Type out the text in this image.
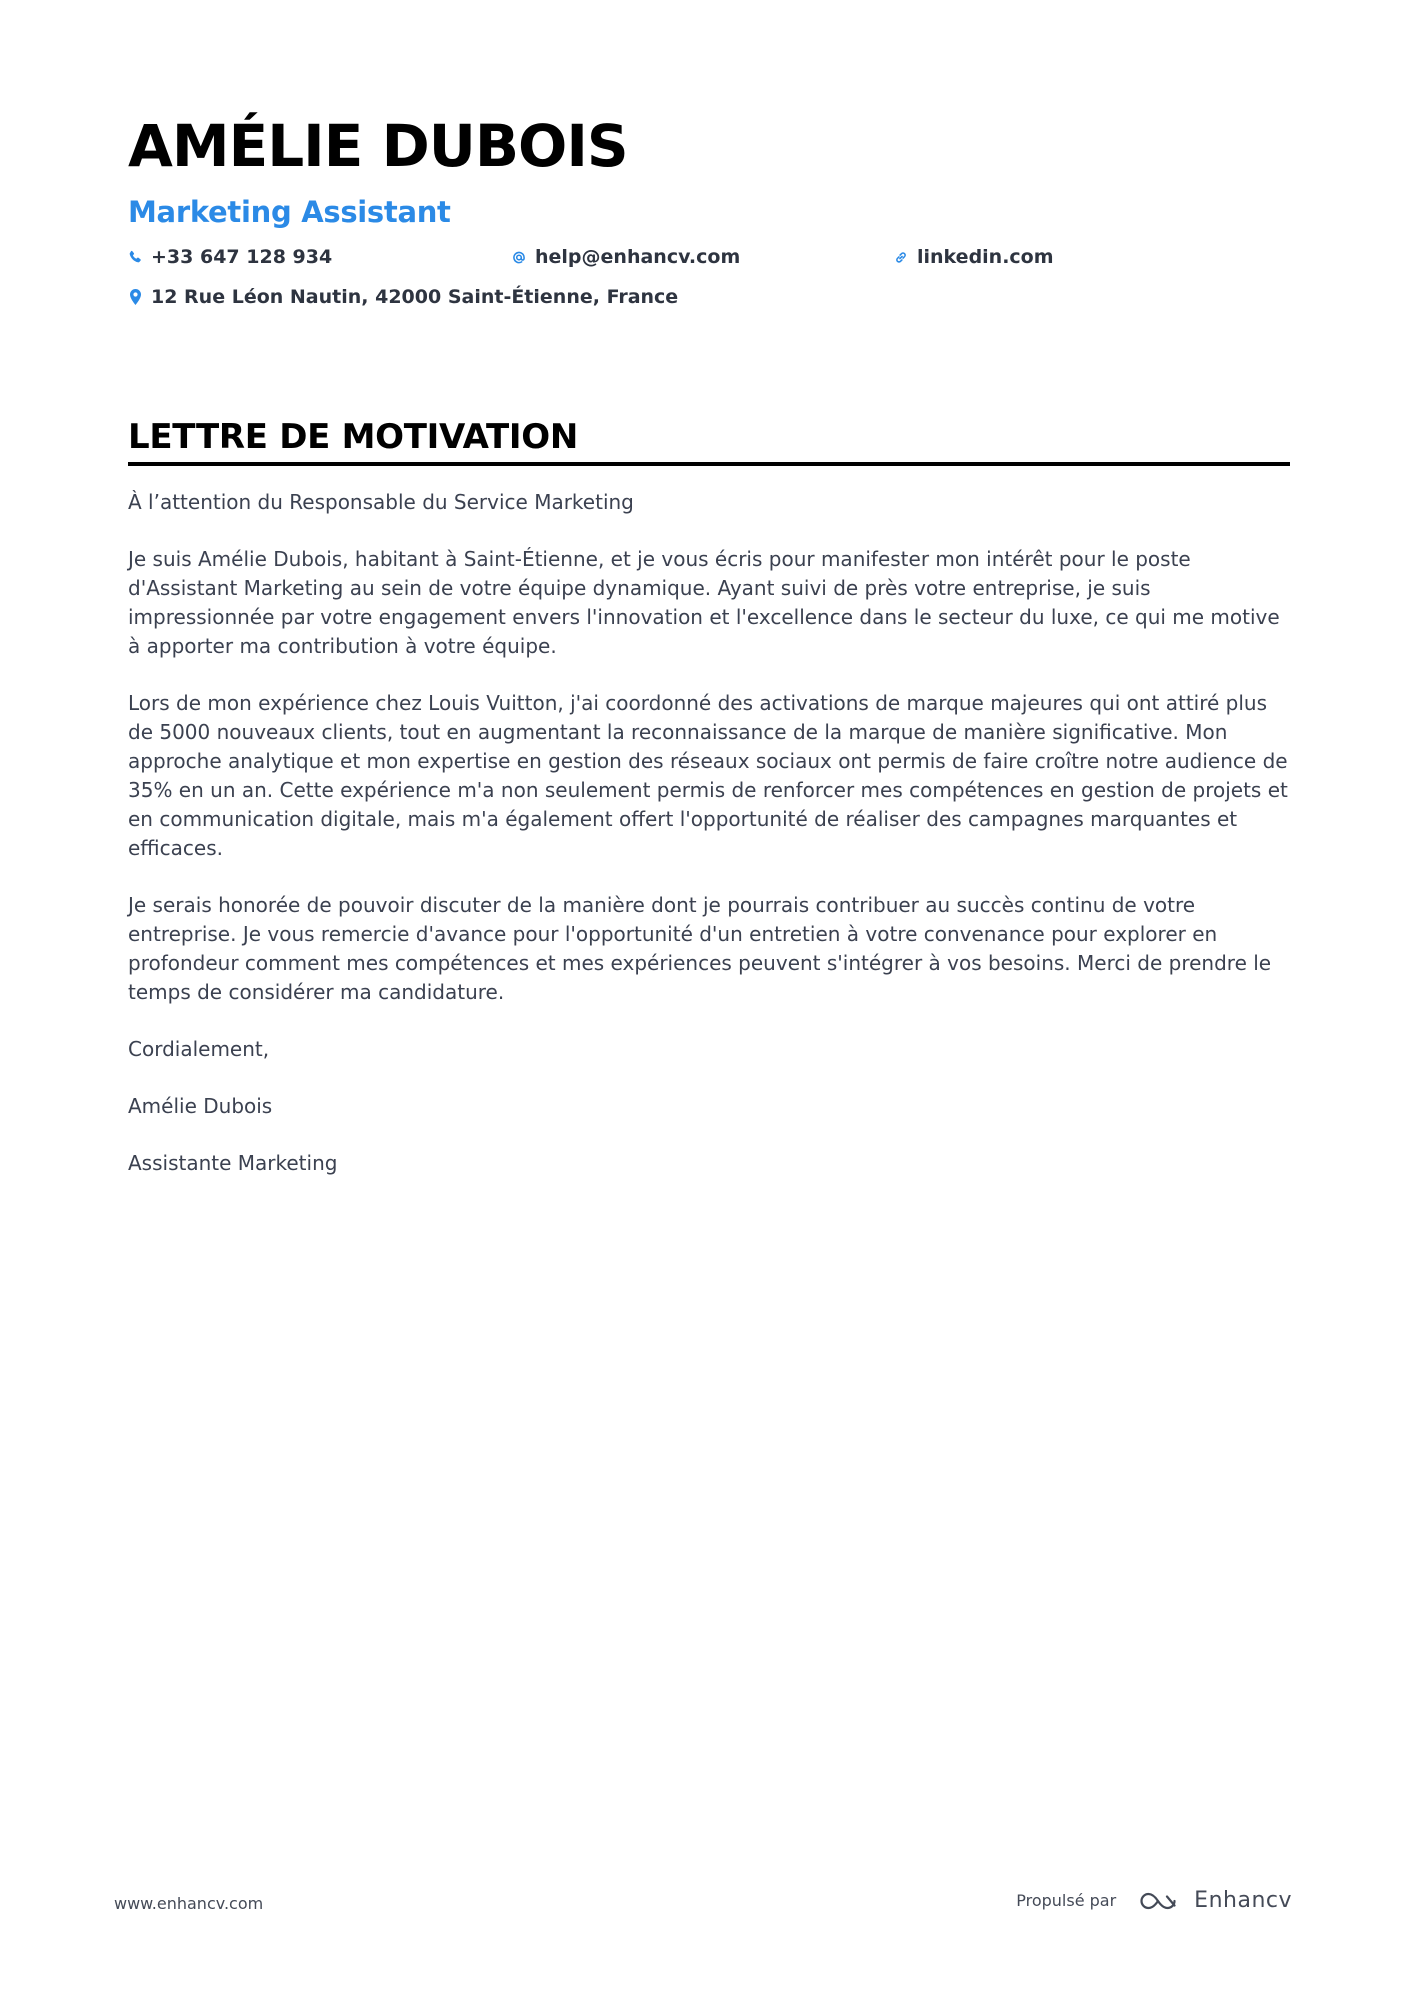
AMÉLIE DUBOIS
Marketing Assistant
+33 647 128 934	help@enhancv.com	linkedin.com
12 Rue Léon Nautin, 42000 Saint-Étienne, France
LETTRE DE MOTIVATION

À l’attention du Responsable du Service Marketing

Je suis Amélie Dubois, habitant à Saint-Étienne, et je vous écris pour manifester mon intérêt pour le poste d'Assistant Marketing au sein de votre équipe dynamique. Ayant suivi de près votre entreprise, je suis impressionnée par votre engagement envers l'innovation et l'excellence dans le secteur du luxe, ce qui me motive à apporter ma contribution à votre équipe.

Lors de mon expérience chez Louis Vuitton, j'ai coordonné des activations de marque majeures qui ont attiré plus de 5000 nouveaux clients, tout en augmentant la reconnaissance de la marque de manière significative. Mon approche analytique et mon expertise en gestion des réseaux sociaux ont permis de faire croître notre audience de 35% en un an. Cette expérience m'a non seulement permis de renforcer mes compétences en gestion de projets et en communication digitale, mais m'a également offert l'opportunité de réaliser des campagnes marquantes et efficaces.

Je serais honorée de pouvoir discuter de la manière dont je pourrais contribuer au succès continu de votre entreprise. Je vous remercie d'avance pour l'opportunité d'un entretien à votre convenance pour explorer en profondeur comment mes compétences et mes expériences peuvent s'intégrer à vos besoins. Merci de prendre le temps de considérer ma candidature.

Cordialement,

Amélie Dubois

Assistante Marketing

www.enhancv.com	Propulsé par	Enhancv
